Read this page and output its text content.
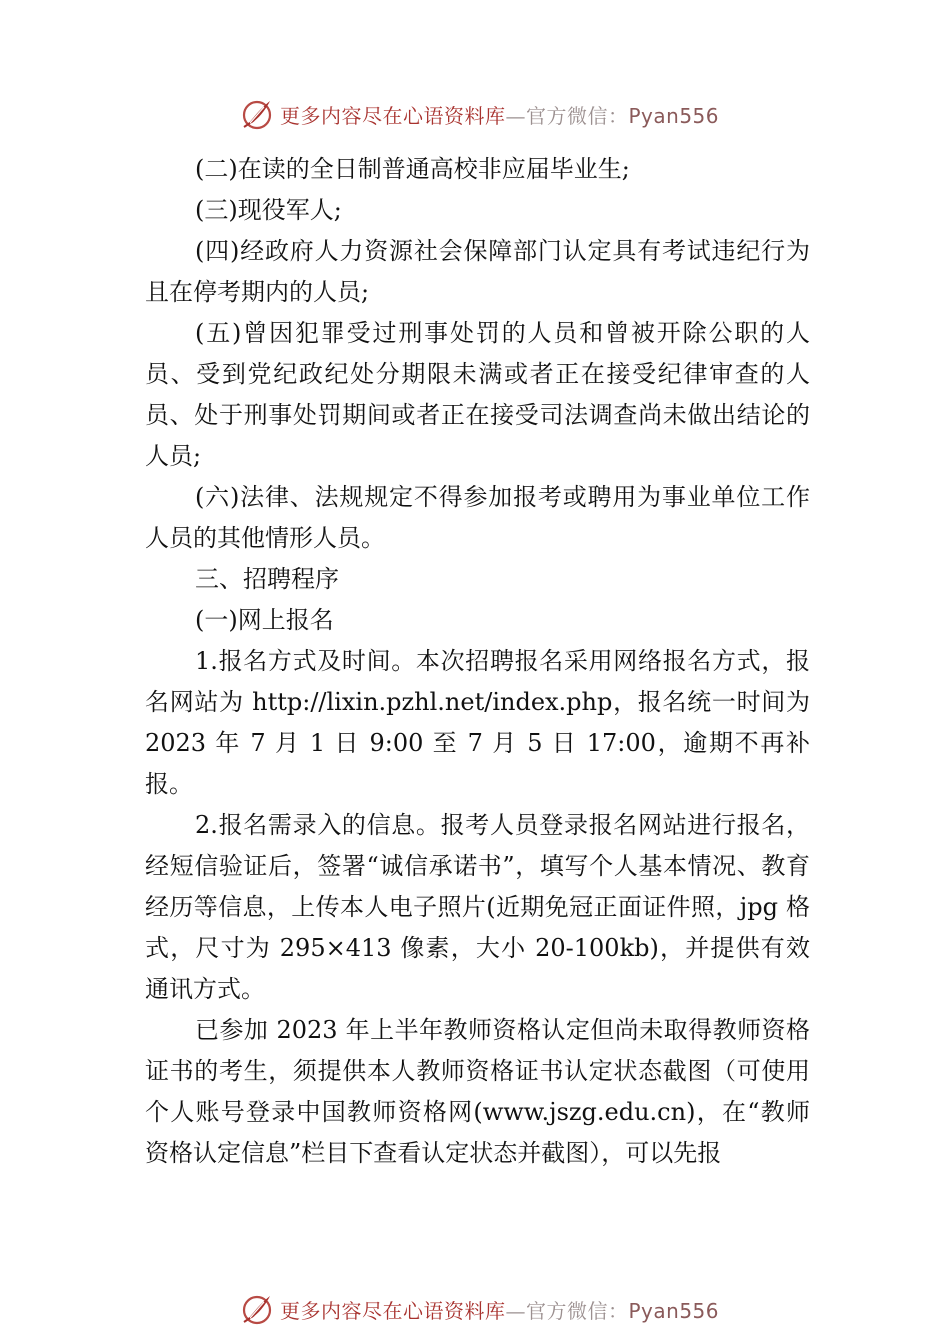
更多内容尽在心语资料库—官方微信：Pyan556

(二)在读的全日制普通高校非应届毕业生;

(三)现役军人;

(四)经政府人力资源社会保障部门认定具有考试违纪行为且在停考期内的人员;

(五)曾因犯罪受过刑事处罚的人员和曾被开除公职的人员、受到党纪政纪处分期限未满或者正在接受纪律审查的人员、处于刑事处罚期间或者正在接受司法调查尚未做出结论的人员;

(六)法律、法规规定不得参加报考或聘用为事业单位工作人员的其他情形人员。

三、招聘程序

(一)网上报名

1.报名方式及时间。本次招聘报名采用网络报名方式，报名网站为 http://lixin.pzhl.net/index.php，报名统一时间为 2023 年 7 月 1 日 9:00 至 7 月 5 日 17:00，逾期不再补报。

2.报名需录入的信息。报考人员登录报名网站进行报名，经短信验证后，签署“诚信承诺书”，填写个人基本情况、教育经历等信息，上传本人电子照片(近期免冠正面证件照，jpg 格式，尺寸为 295×413 像素，大小 20-100kb)，并提供有效通讯方式。

已参加 2023 年上半年教师资格认定但尚未取得教师资格证书的考生，须提供本人教师资格证书认定状态截图（可使用个人账号登录中国教师资格网(www.jszg.edu.cn)，在“教师资格认定信息”栏目下查看认定状态并截图），可以先报

更多内容尽在心语资料库—官方微信：Pyan556
